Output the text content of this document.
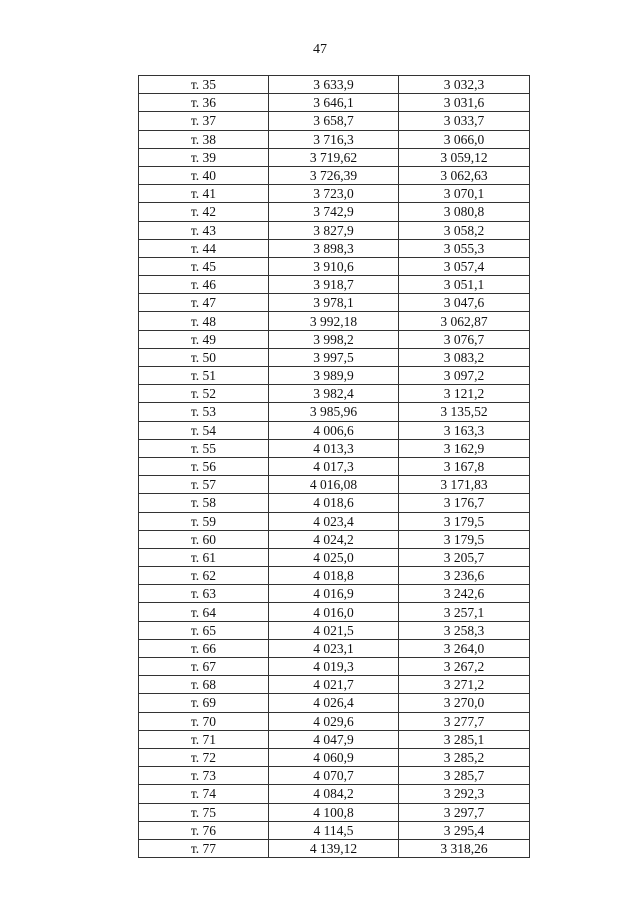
47
т. 35	3 633,9	3 032,3
т. 36	3 646,1	3 031,6
т. 37	3 658,7	3 033,7
т. 38	3 716,3	3 066,0
т. 39	3 719,62	3 059,12
т. 40	3 726,39	3 062,63
т. 41	3 723,0	3 070,1
т. 42	3 742,9	3 080,8
т. 43	3 827,9	3 058,2
т. 44	3 898,3	3 055,3
т. 45	3 910,6	3 057,4
т. 46	3 918,7	3 051,1
т. 47	3 978,1	3 047,6
т. 48	3 992,18	3 062,87
т. 49	3 998,2	3 076,7
т. 50	3 997,5	3 083,2
т. 51	3 989,9	3 097,2
т. 52	3 982,4	3 121,2
т. 53	3 985,96	3 135,52
т. 54	4 006,6	3 163,3
т. 55	4 013,3	3 162,9
т. 56	4 017,3	3 167,8
т. 57	4 016,08	3 171,83
т. 58	4 018,6	3 176,7
т. 59	4 023,4	3 179,5
т. 60	4 024,2	3 179,5
т. 61	4 025,0	3 205,7
т. 62	4 018,8	3 236,6
т. 63	4 016,9	3 242,6
т. 64	4 016,0	3 257,1
т. 65	4 021,5	3 258,3
т. 66	4 023,1	3 264,0
т. 67	4 019,3	3 267,2
т. 68	4 021,7	3 271,2
т. 69	4 026,4	3 270,0
т. 70	4 029,6	3 277,7
т. 71	4 047,9	3 285,1
т. 72	4 060,9	3 285,2
т. 73	4 070,7	3 285,7
т. 74	4 084,2	3 292,3
т. 75	4 100,8	3 297,7
т. 76	4 114,5	3 295,4
т. 77	4 139,12	3 318,26
